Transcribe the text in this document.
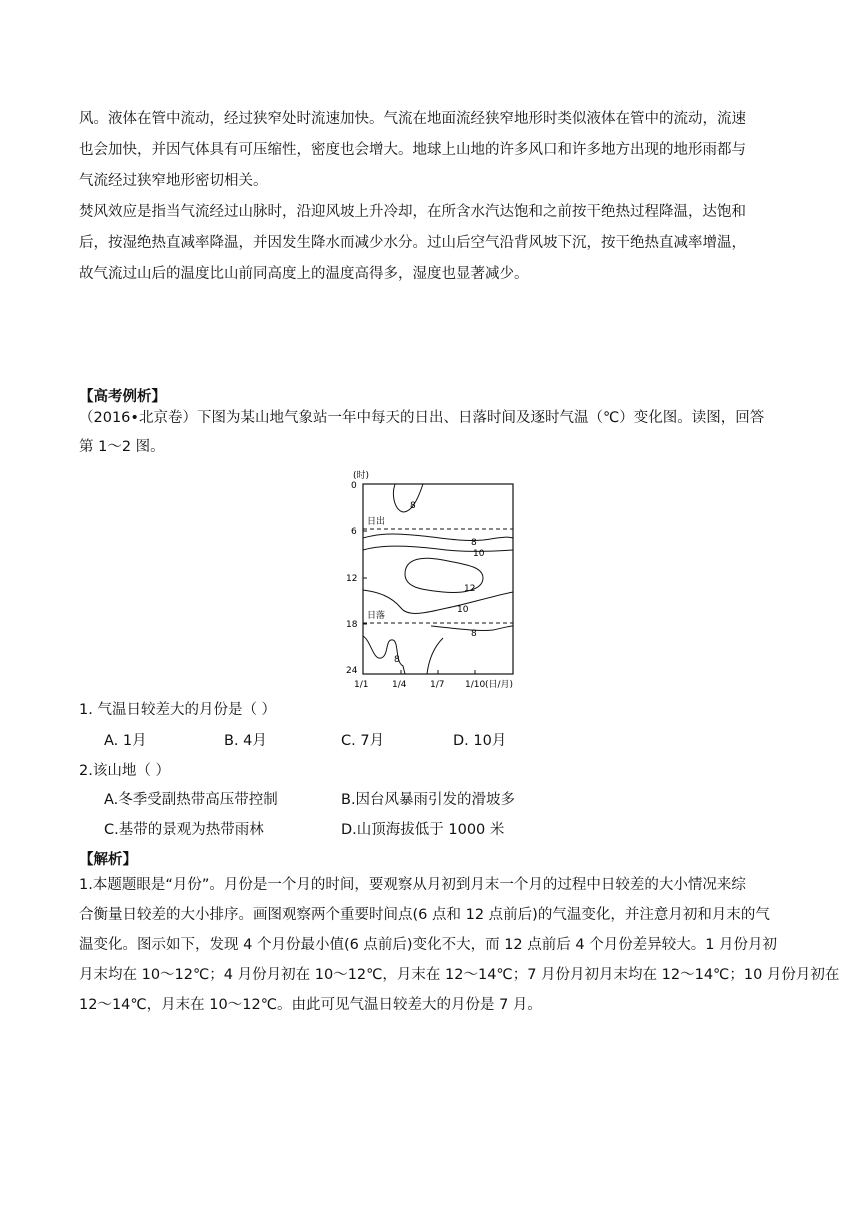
风。液体在管中流动，经过狭窄处时流速加快。气流在地面流经狭窄地形时类似液体在管中的流动，流速
也会加快，并因气体具有可压缩性，密度也会增大。地球上山地的许多风口和许多地方出现的地形雨都与
气流经过狭窄地形密切相关。
焚风效应是指当气流经过山脉时，沿迎风坡上升冷却，在所含水汽达饱和之前按干绝热过程降温，达饱和
后，按湿绝热直减率降温，并因发生降水而减少水分。过山后空气沿背风坡下沉，按干绝热直减率增温，
故气流过山后的温度比山前同高度上的温度高得多，湿度也显著减少。
【高考例析】
（2016•北京卷）下图为某山地气象站一年中每天的日出、日落时间及逐时气温（℃）变化图。读图，回答
第 1～2 图。
(时)
0
6
12
18
24
1/1	1/4	1/7 1/10 (日/月)
日出
日落
8
8
10
12
10
8
8
1. 气温日较差大的月份是（ ）
A. 1月	B. 4月	C. 7月	D. 10月
2.该山地（ ）
A.冬季受副热带高压带控制	B.因台风暴雨引发的滑坡多
C.基带的景观为热带雨林	D.山顶海拔低于 1000 米
【解析】
1.本题题眼是“月份”。月份是一个月的时间，要观察从月初到月末一个月的过程中日较差的大小情况来综
合衡量日较差的大小排序。画图观察两个重要时间点(6 点和 12 点前后)的气温变化，并注意月初和月末的气
温变化。图示如下，发现 4 个月份最小值(6 点前后)变化不大，而 12 点前后 4 个月份差异较大。1 月份月初
月末均在 10～12℃；4 月份月初在 10～12℃，月末在 12～14℃；7 月份月初月末均在 12～14℃；10 月份月初在
12～14℃，月末在 10～12℃。由此可见气温日较差大的月份是 7 月。
